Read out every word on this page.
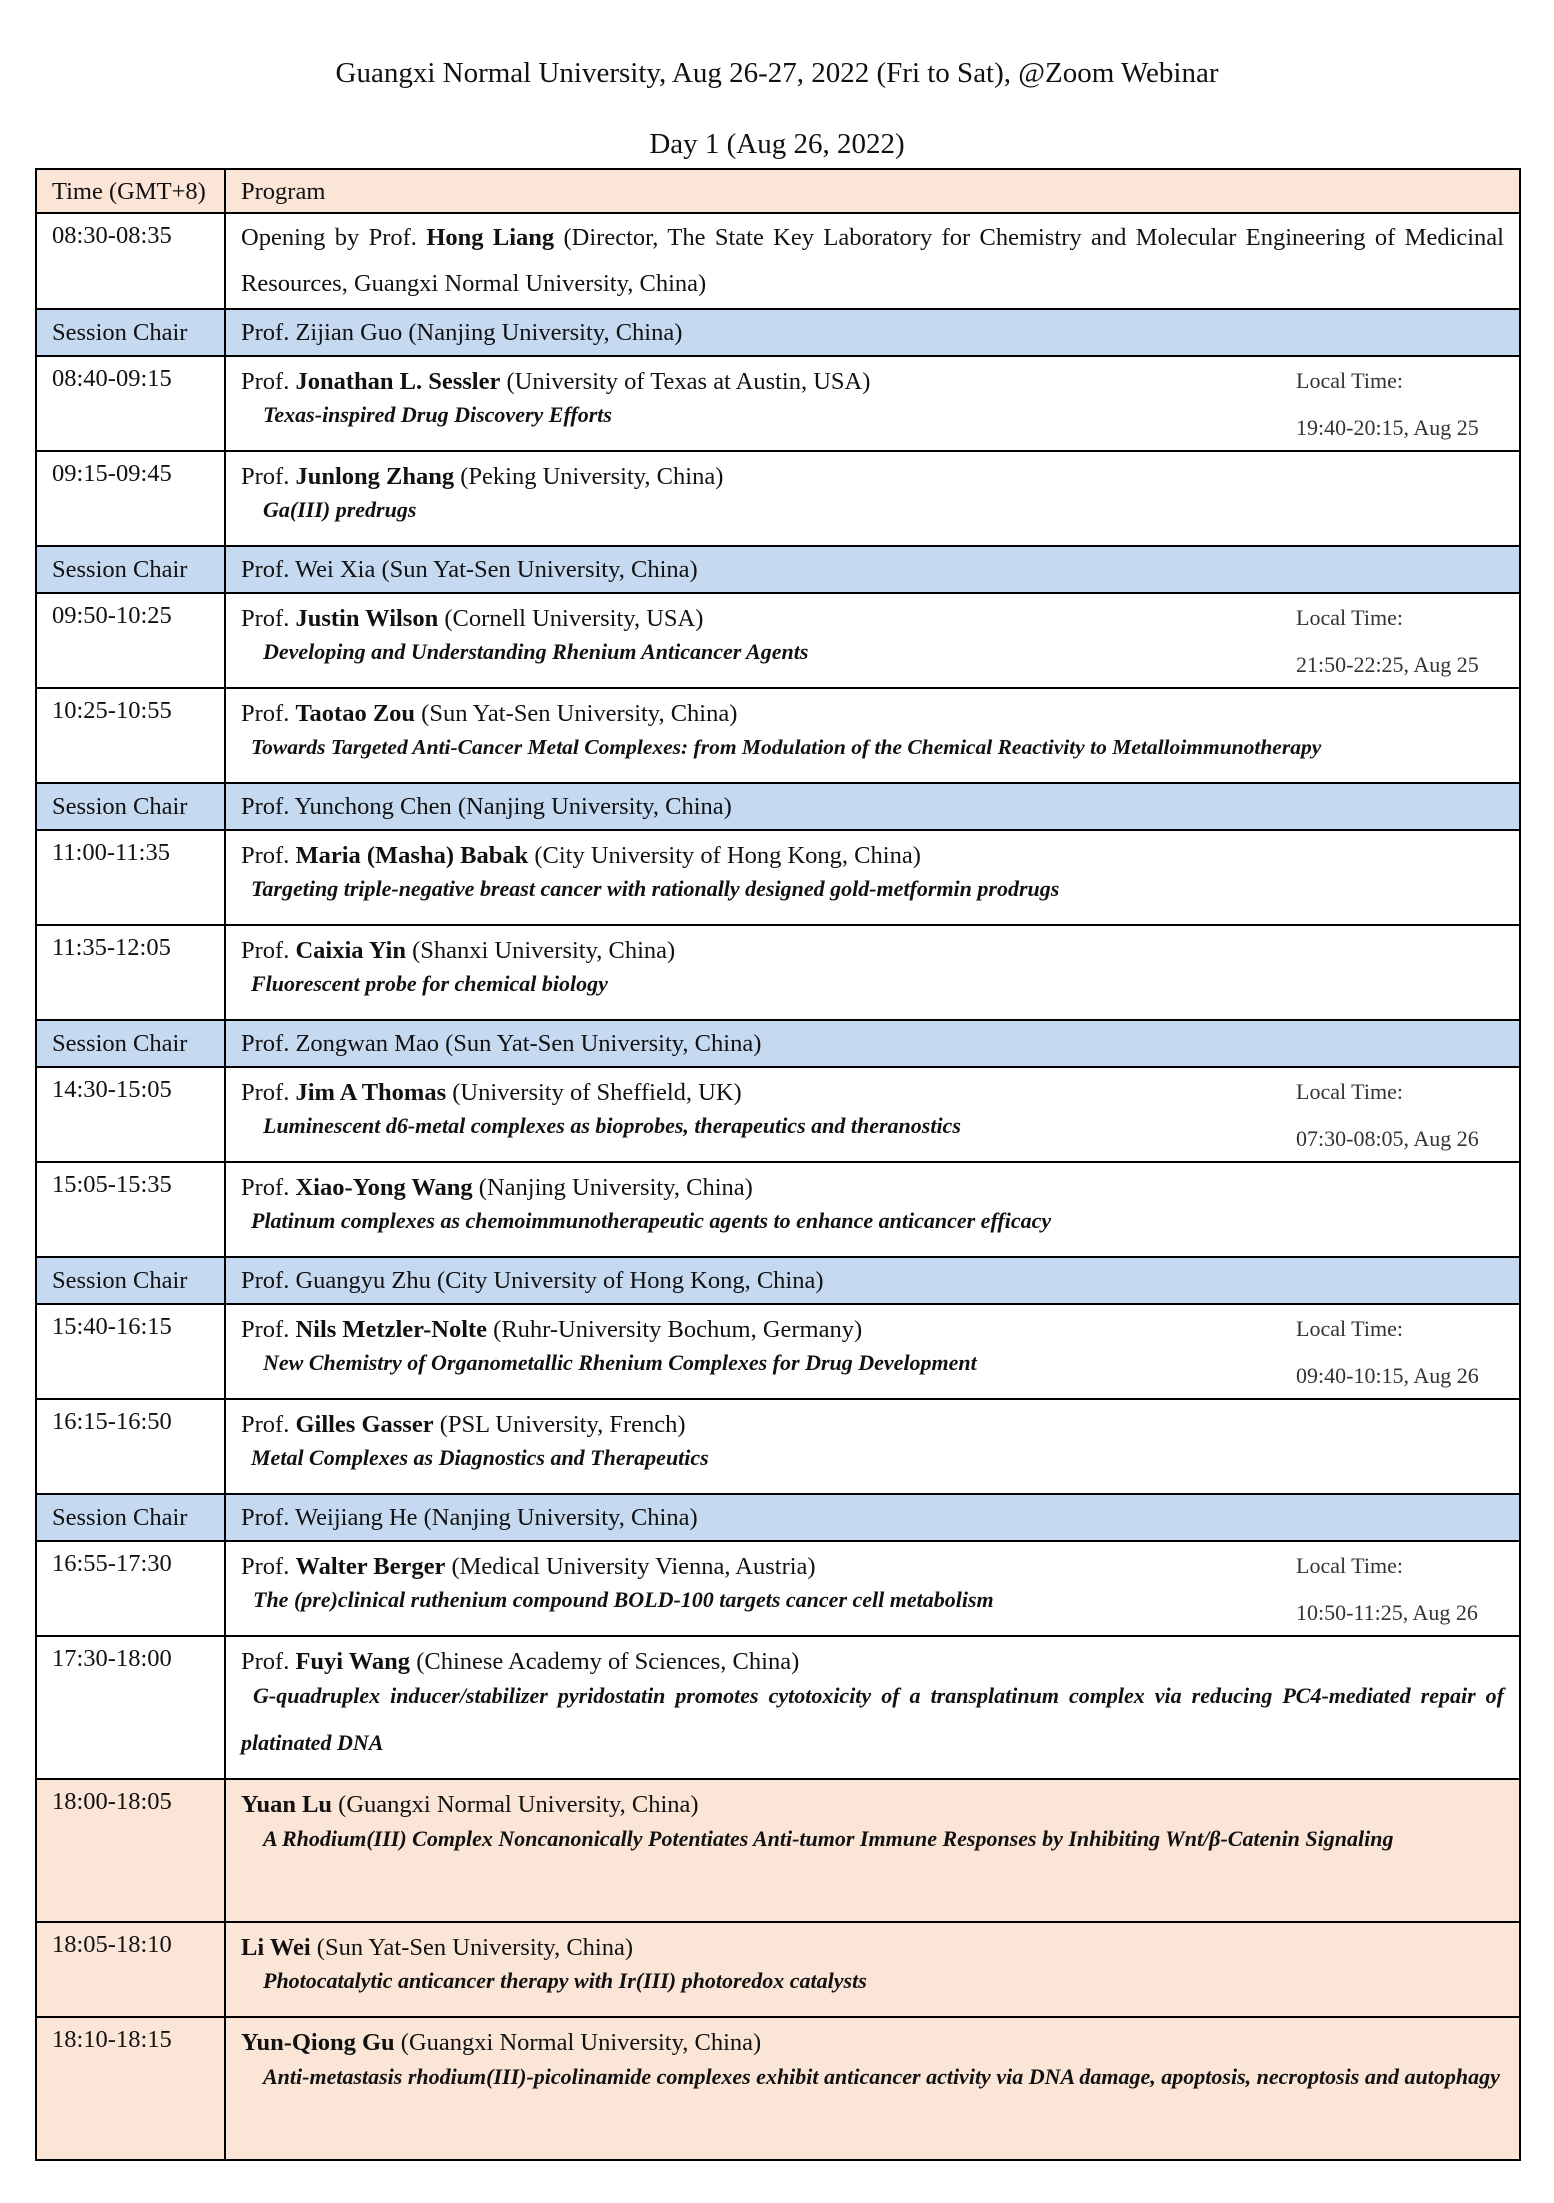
Guangxi Normal University, Aug 26-27, 2022 (Fri to Sat), @Zoom Webinar
Day 1 (Aug 26, 2022)
Time (GMT+8)	Program
08:30-08:35	Opening by Prof. Hong Liang (Director, The State Key Laboratory for Chemistry and Molecular Engineering of Medicinal Resources, Guangxi Normal University, China)

Session Chair	Prof. Zijian Guo (Nanjing University, China)
08:40-09:15	Prof. Jonathan L. Sessler (University of Texas at Austin, USA)
Texas-inspired Drug Discovery Efforts
Local Time:
19:40-20:15, Aug 25

09:15-09:45	Prof. Junlong Zhang (Peking University, China)
Ga(III) predrugs

Session Chair	Prof. Wei Xia (Sun Yat-Sen University, China)
09:50-10:25	Prof. Justin Wilson (Cornell University, USA)
Developing and Understanding Rhenium Anticancer Agents
Local Time:
21:50-22:25, Aug 25

10:25-10:55	Prof. Taotao Zou (Sun Yat-Sen University, China)
Towards Targeted Anti-Cancer Metal Complexes: from Modulation of the Chemical Reactivity to Metalloimmunotherapy

Session Chair	Prof. Yunchong Chen (Nanjing University, China)
11:00-11:35	Prof. Maria (Masha) Babak (City University of Hong Kong, China)
Targeting triple-negative breast cancer with rationally designed gold-metformin prodrugs

11:35-12:05	Prof. Caixia Yin (Shanxi University, China)
Fluorescent probe for chemical biology

Session Chair	Prof. Zongwan Mao (Sun Yat-Sen University, China)
14:30-15:05	Prof. Jim A Thomas (University of Sheffield, UK)
Luminescent d6-metal complexes as bioprobes, therapeutics and theranostics
Local Time:
07:30-08:05, Aug 26

15:05-15:35	Prof. Xiao-Yong Wang (Nanjing University, China)
Platinum complexes as chemoimmunotherapeutic agents to enhance anticancer efficacy

Session Chair	Prof. Guangyu Zhu (City University of Hong Kong, China)
15:40-16:15	Prof. Nils Metzler-Nolte (Ruhr-University Bochum, Germany)
New Chemistry of Organometallic Rhenium Complexes for Drug Development
Local Time:
09:40-10:15, Aug 26

16:15-16:50	Prof. Gilles Gasser (PSL University, French)
Metal Complexes as Diagnostics and Therapeutics

Session Chair	Prof. Weijiang He (Nanjing University, China)
16:55-17:30	Prof. Walter Berger (Medical University Vienna, Austria)
The (pre)clinical ruthenium compound BOLD-100 targets cancer cell metabolism
Local Time:
10:50-11:25, Aug 26

17:30-18:00	Prof. Fuyi Wang (Chinese Academy of Sciences, China)
G-quadruplex inducer/stabilizer pyridostatin promotes cytotoxicity of a transplatinum complex via reducing PC4-mediated repair of platinated DNA

18:00-18:05	Yuan Lu (Guangxi Normal University, China)
A Rhodium(III) Complex Noncanonically Potentiates Anti-tumor Immune Responses by Inhibiting Wnt/β-Catenin Signaling

18:05-18:10	Li Wei (Sun Yat-Sen University, China)
Photocatalytic anticancer therapy with Ir(III) photoredox catalysts

18:10-18:15	Yun-Qiong Gu (Guangxi Normal University, China)
Anti-metastasis rhodium(III)-picolinamide complexes exhibit anticancer activity via DNA damage, apoptosis, necroptosis and autophagy
